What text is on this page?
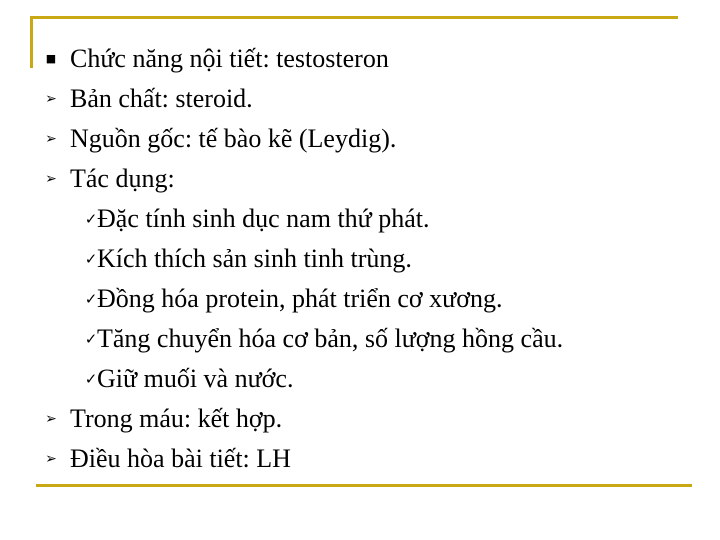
■ Chức năng nội tiết: testosteron
➢ Bản chất: steroid.
➢ Nguồn gốc: tế bào kẽ (Leydig).
➢ Tác dụng:
✓ Đặc tính sinh dục nam thứ phát.
✓ Kích thích sản sinh tinh trùng.
✓ Đồng hóa protein, phát triển cơ xương.
✓ Tăng chuyển hóa cơ bản, số lượng hồng cầu.
✓ Giữ muối và nước.
➢ Trong máu: kết hợp.
➢ Điều hòa bài tiết: LH
